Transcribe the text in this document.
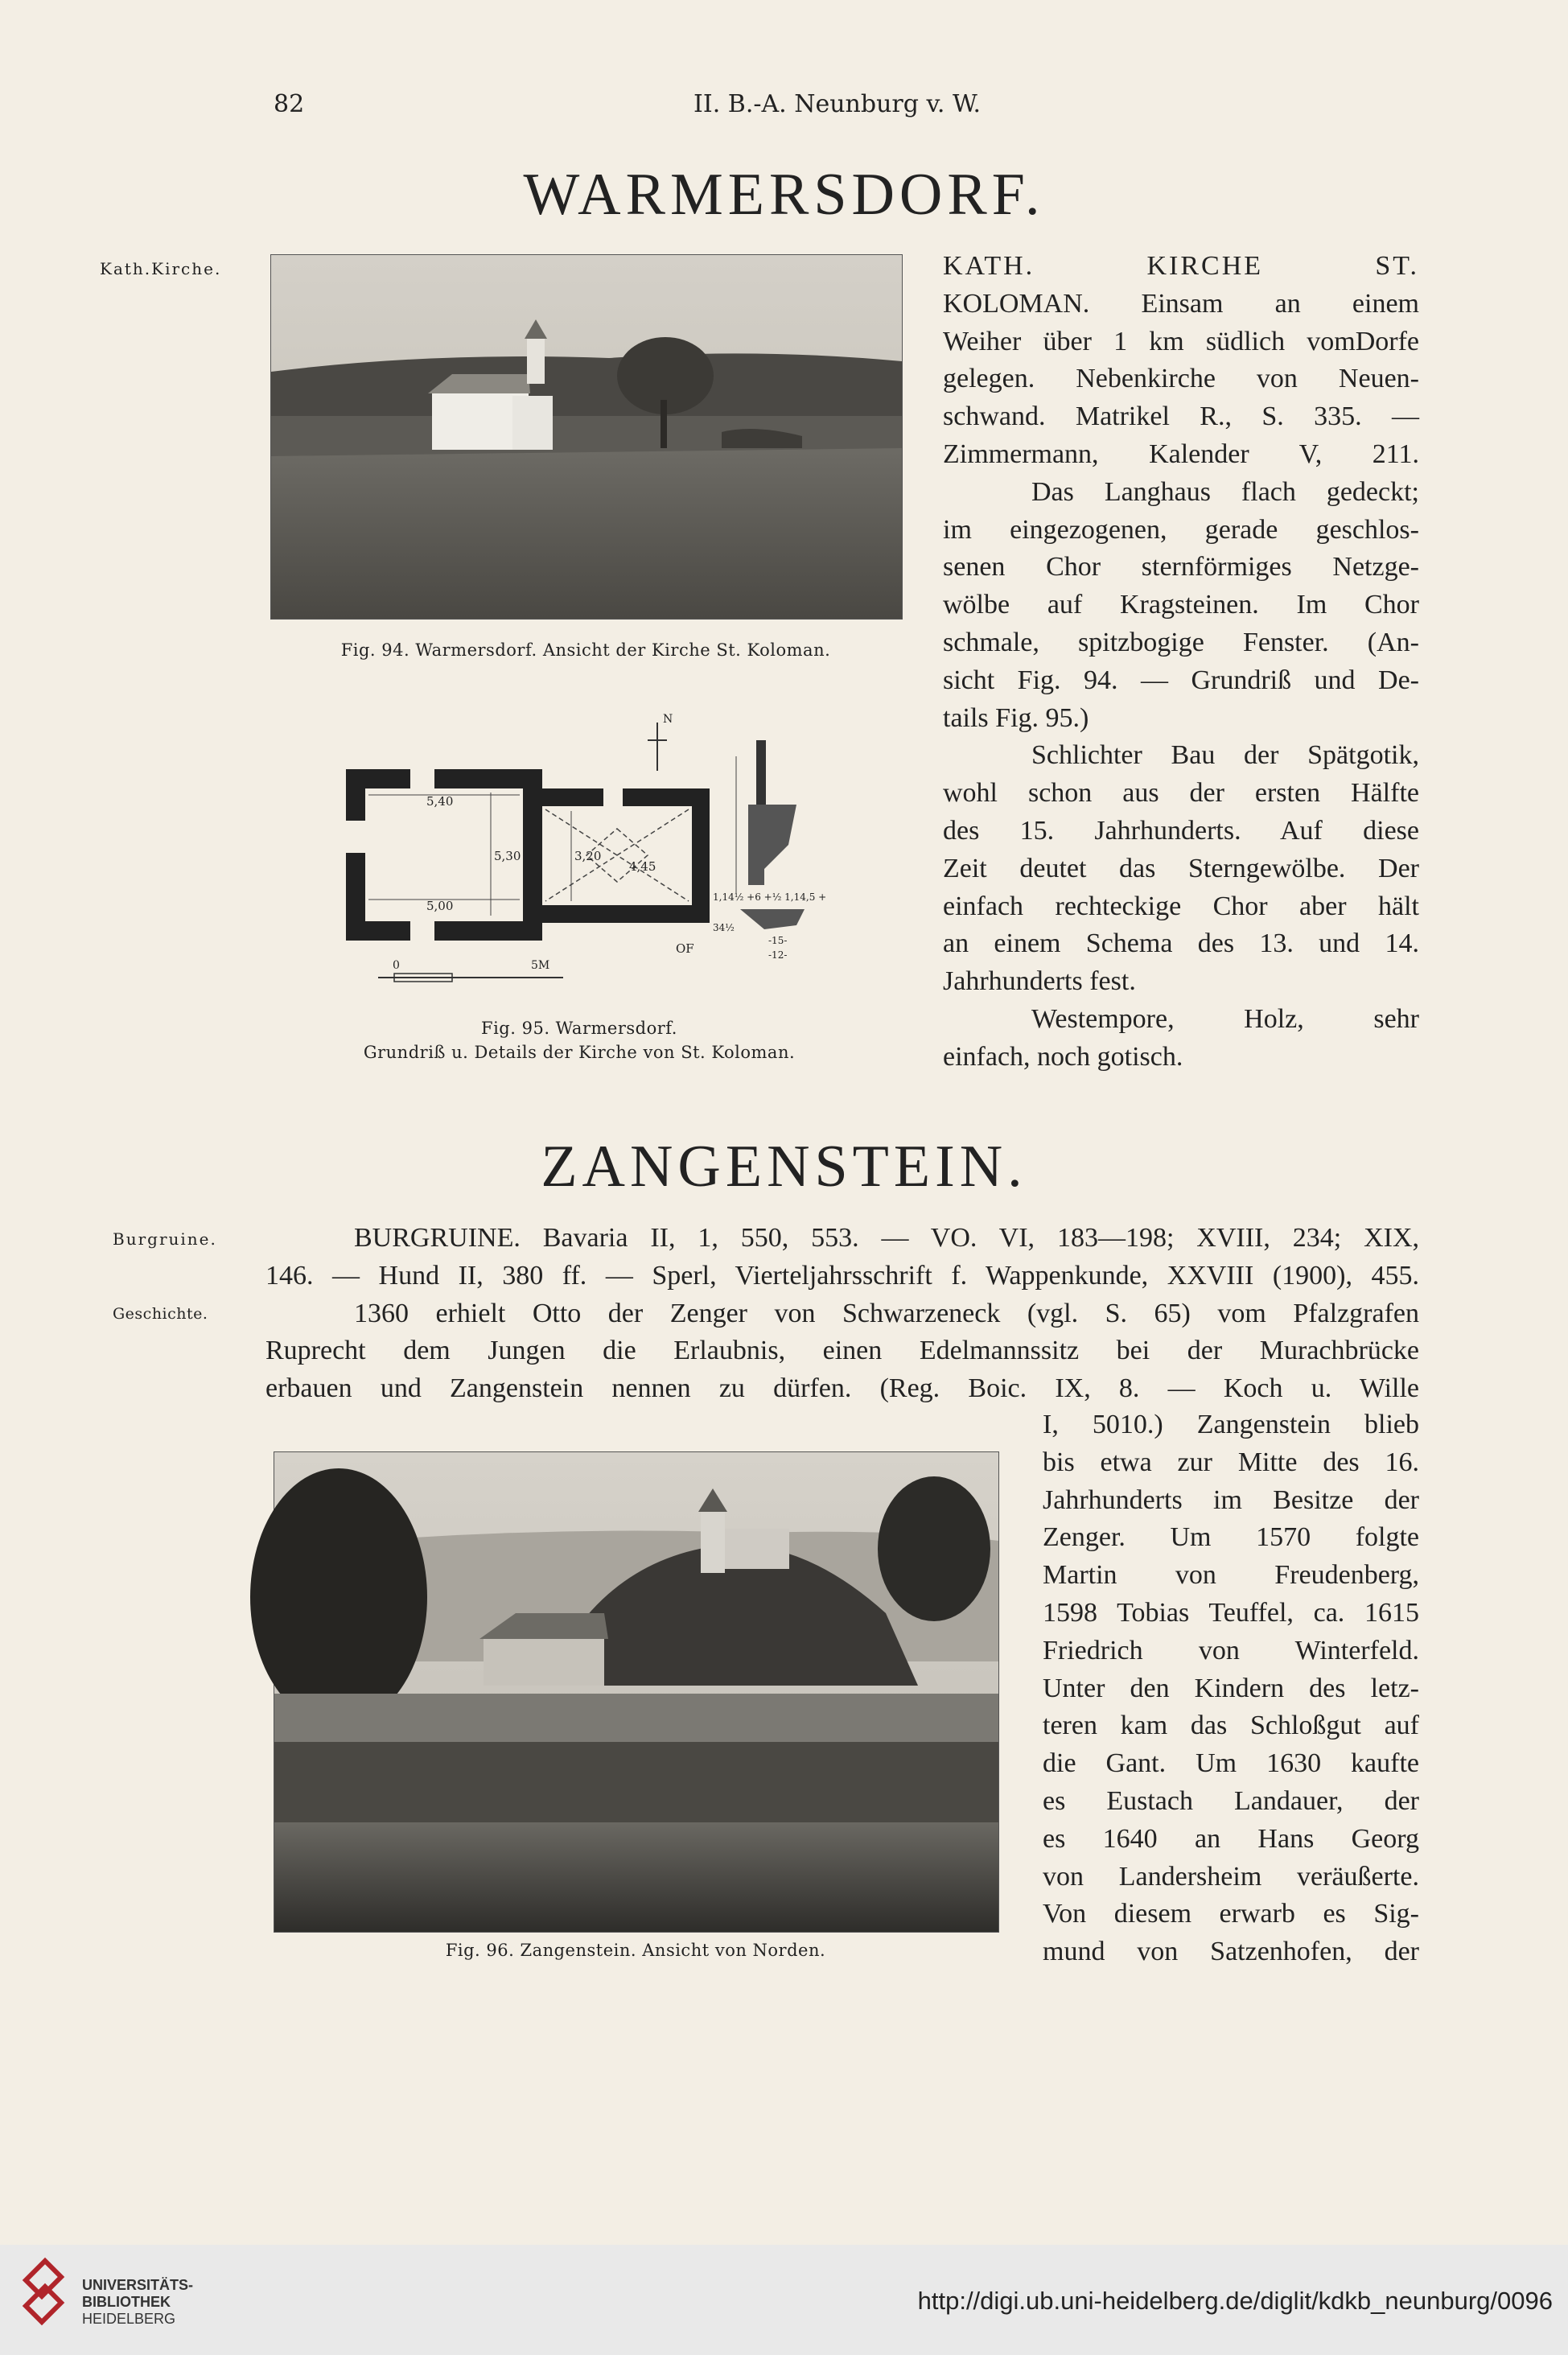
82	II. B.-A. Neunburg v. W.
WARMERSDORF.
Kath.Kirche.
Fig. 94. Warmersdorf. Ansicht der Kirche St. Koloman.
N
5,40
5,00
5,30	3,20
4,45
OF
0	5M
1,14½ +6 +½ 1,14,5 +
34½
-15-
-12-
Fig. 95. Warmersdorf.
Grundriß u. Details der Kirche von St. Koloman.
KATH. KIRCHE ST.
KOLOMAN. Einsam an einem
Weiher über 1 km südlich vomDorfe
gelegen. Nebenkirche von Neuen-
schwand. Matrikel R., S. 335. —
Zimmermann, Kalender V, 211.
Das Langhaus flach gedeckt;
im eingezogenen, gerade geschlos-
senen Chor sternförmiges Netzge-
wölbe auf Kragsteinen. Im Chor
schmale, spitzbogige Fenster. (An-
sicht Fig. 94. — Grundriß und De-
tails Fig. 95.)
Schlichter Bau der Spätgotik,
wohl schon aus der ersten Hälfte
des 15. Jahrhunderts. Auf diese
Zeit deutet das Sterngewölbe. Der
einfach rechteckige Chor aber hält
an einem Schema des 13. und 14.
Jahrhunderts fest.
Westempore, Holz, sehr
einfach, noch gotisch.
ZANGENSTEIN.
Burgruine.
Geschichte.
BURGRUINE. Bavaria II, 1, 550, 553. — VO. VI, 183—198; XVIII, 234; XIX,
146. — Hund II, 380 ff. — Sperl, Vierteljahrsschrift f. Wappenkunde, XXVIII (1900), 455.
1360 erhielt Otto der Zenger von Schwarzeneck (vgl. S. 65) vom Pfalzgrafen
Ruprecht dem Jungen die Erlaubnis, einen Edelmannssitz bei der Murachbrücke
erbauen und Zangenstein nennen zu dürfen. (Reg. Boic. IX, 8. — Koch u. Wille
Fig. 96. Zangenstein. Ansicht von Norden.
I, 5010.) Zangenstein blieb
bis etwa zur Mitte des 16.
Jahrhunderts im Besitze der
Zenger. Um 1570 folgte
Martin von Freudenberg,
1598 Tobias Teuffel, ca. 1615
Friedrich von Winterfeld.
Unter den Kindern des letz-
teren kam das Schloßgut auf
die Gant. Um 1630 kaufte
es Eustach Landauer, der
es 1640 an Hans Georg
von Landersheim veräußerte.
Von diesem erwarb es Sig-
mund von Satzenhofen, der
UNIVERSITÄTS-
BIBLIOTHEK
HEIDELBERG
http://digi.ub.uni-heidelberg.de/diglit/kdkb_neunburg/0096
